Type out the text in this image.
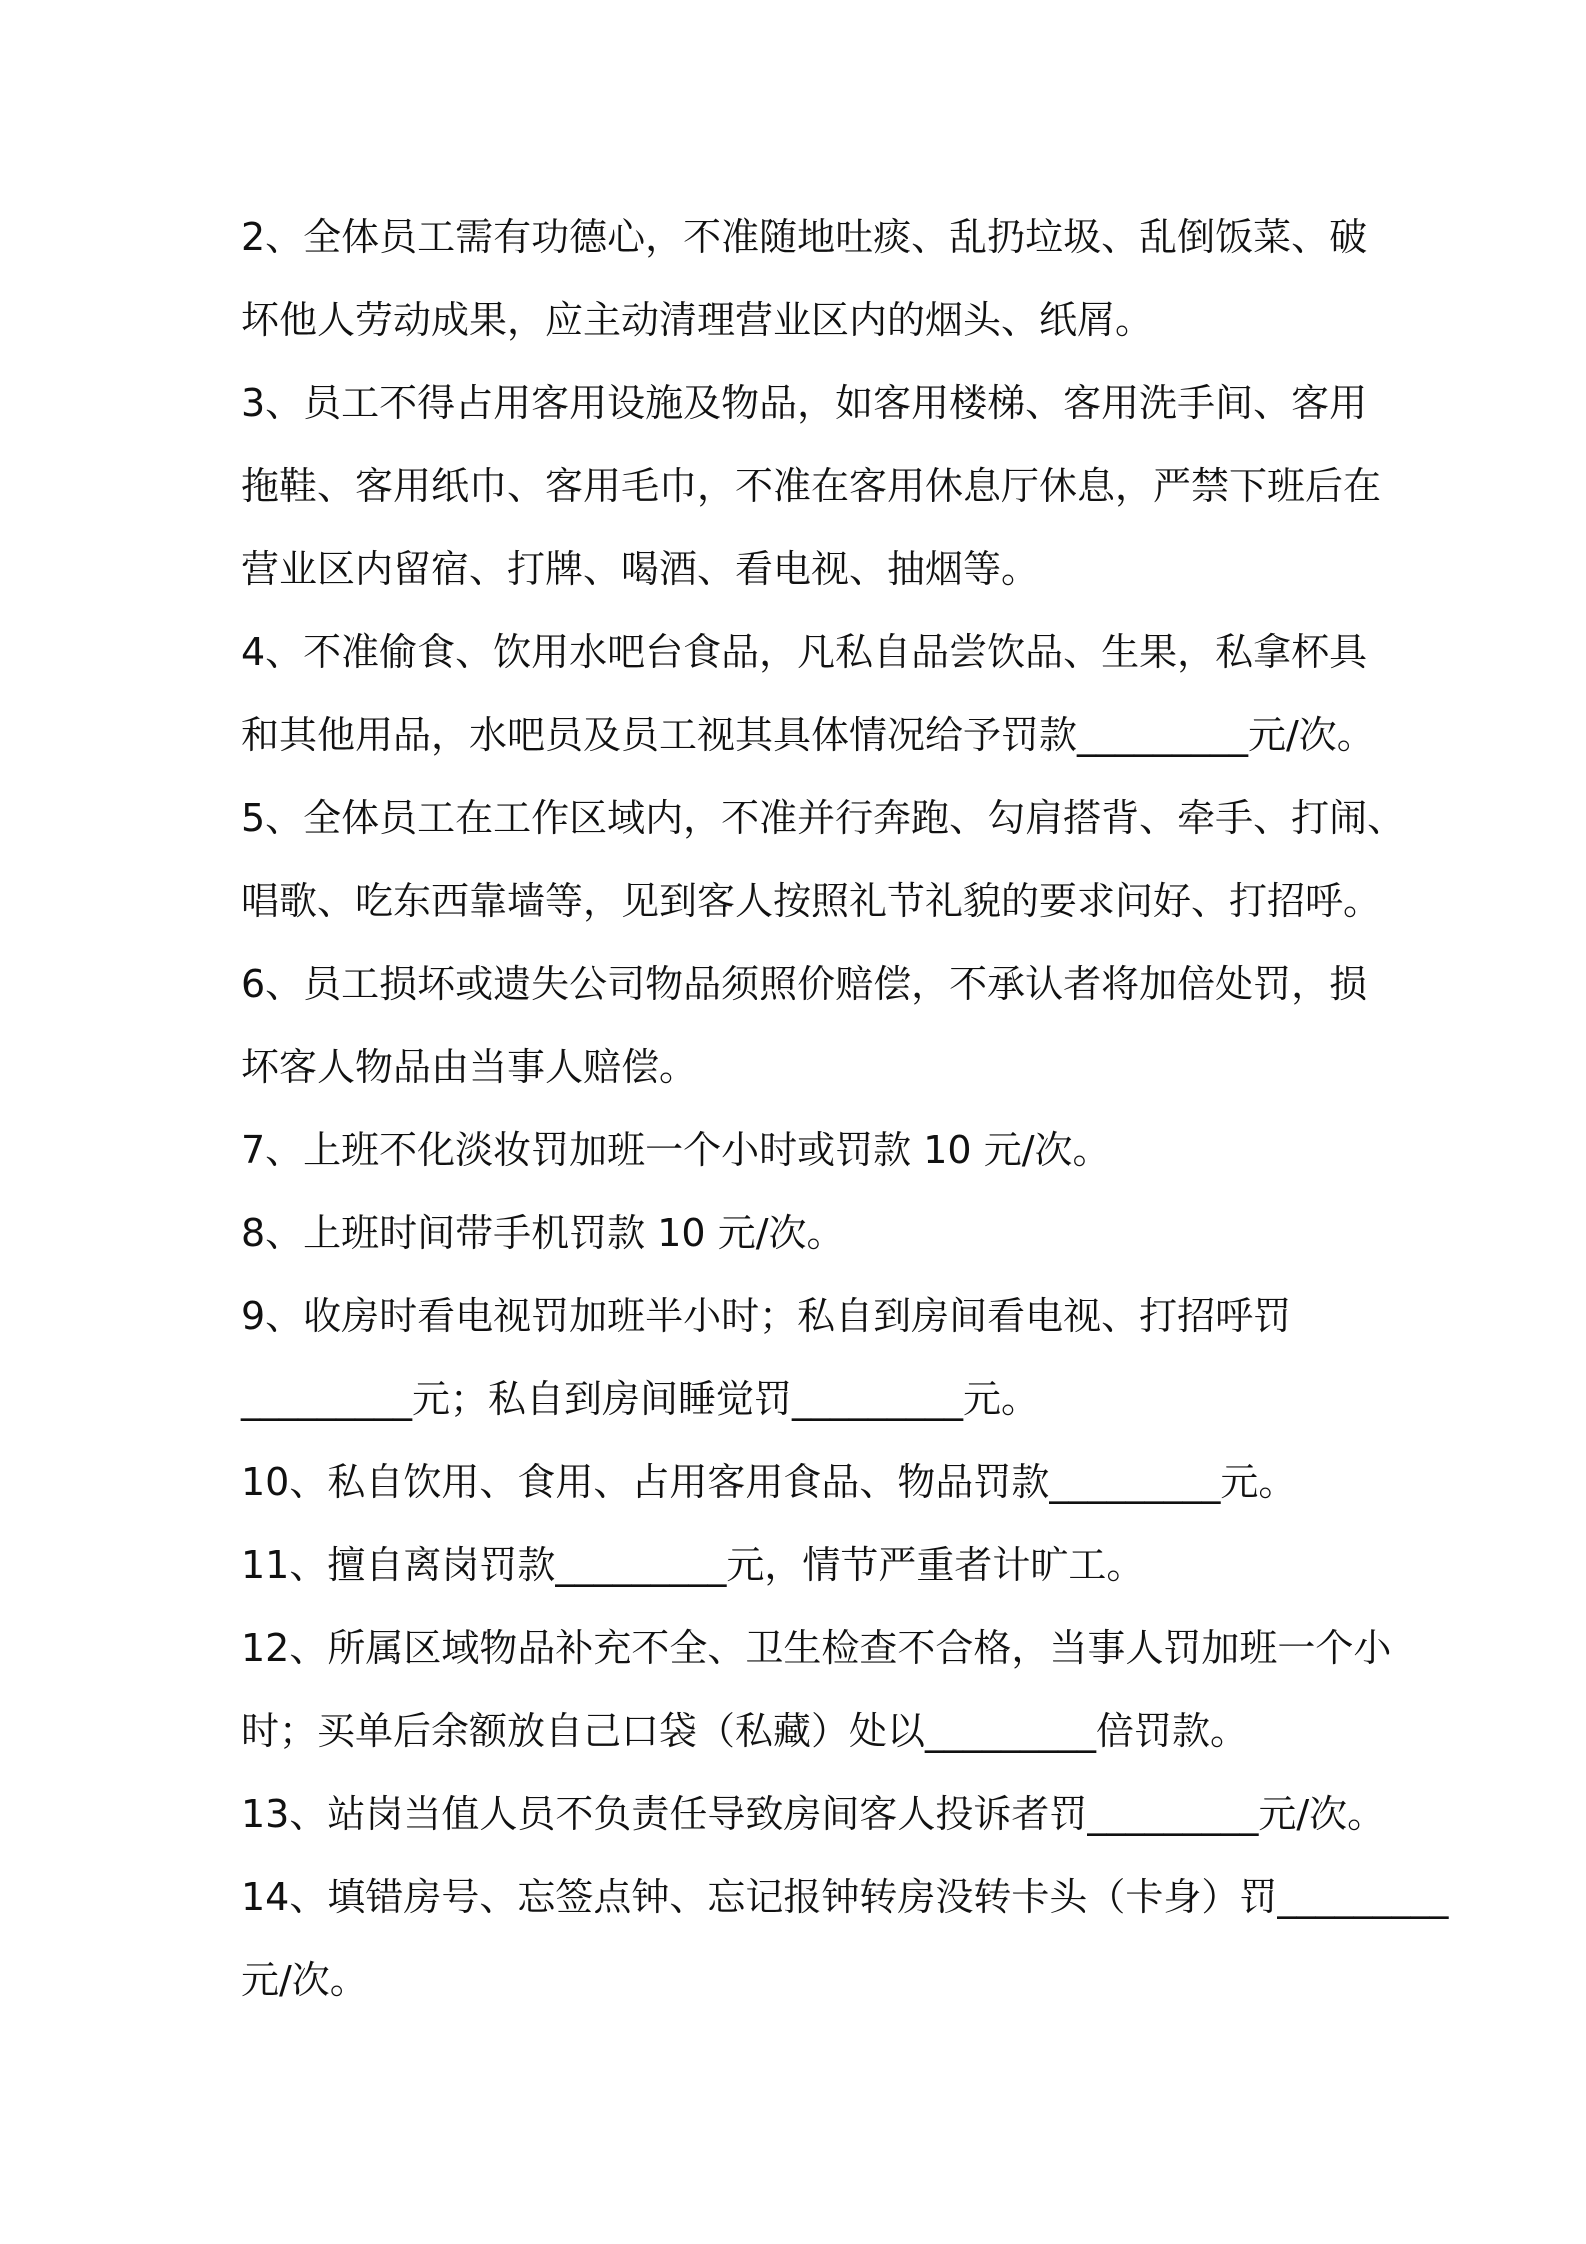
2、全体员工需有功德心，不准随地吐痰、乱扔垃圾、乱倒饭菜、破
坏他人劳动成果，应主动清理营业区内的烟头、纸屑。
3、员工不得占用客用设施及物品，如客用楼梯、客用洗手间、客用
拖鞋、客用纸巾、客用毛巾，不准在客用休息厅休息，严禁下班后在
营业区内留宿、打牌、喝酒、看电视、抽烟等。
4、不准偷食、饮用水吧台食品，凡私自品尝饮品、生果，私拿杯具
和其他用品，水吧员及员工视其具体情况给予罚款_________元/次。
5、全体员工在工作区域内，不准并行奔跑、勾肩搭背、牵手、打闹、
唱歌、吃东西靠墙等，见到客人按照礼节礼貌的要求问好、打招呼。
6、员工损坏或遗失公司物品须照价赔偿，不承认者将加倍处罚，损
坏客人物品由当事人赔偿。
7、上班不化淡妆罚加班一个小时或罚款 10 元/次。
8、上班时间带手机罚款 10 元/次。
9、收房时看电视罚加班半小时；私自到房间看电视、打招呼罚
_________元；私自到房间睡觉罚_________元。
10、私自饮用、食用、占用客用食品、物品罚款_________元。
11、擅自离岗罚款_________元，情节严重者计旷工。
12、所属区域物品补充不全、卫生检查不合格，当事人罚加班一个小
时；买单后余额放自己口袋（私藏）处以_________倍罚款。
13、站岗当值人员不负责任导致房间客人投诉者罚_________元/次。
14、填错房号、忘签点钟、忘记报钟转房没转卡头（卡身）罚_________
元/次。
